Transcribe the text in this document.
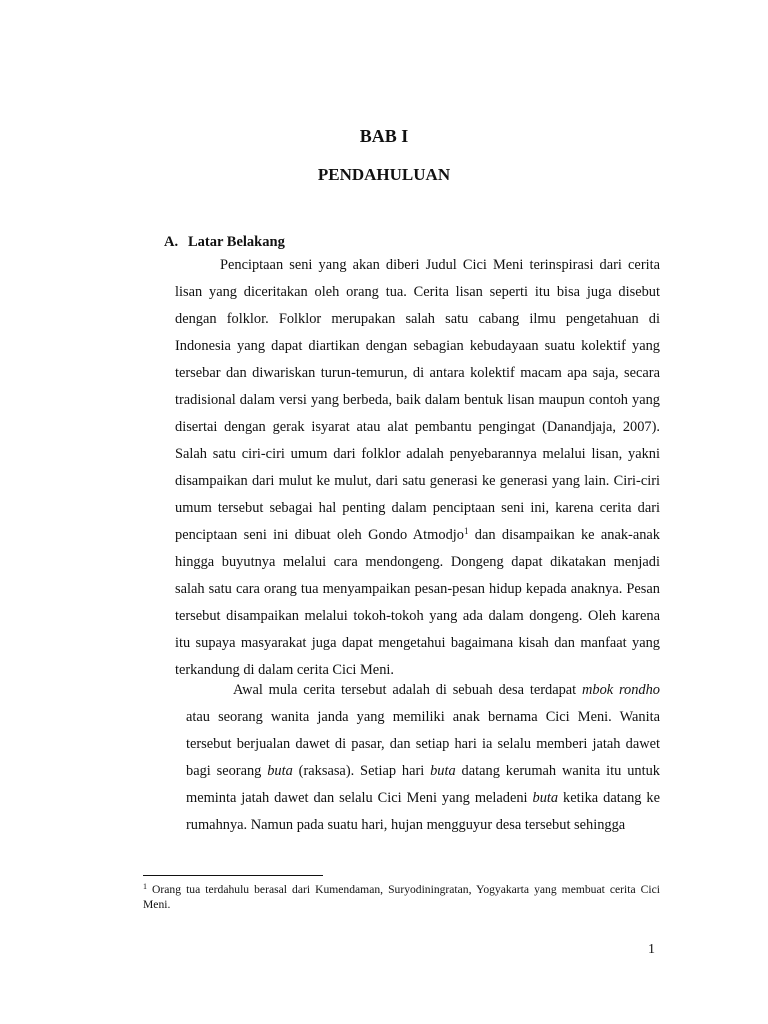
BAB I
PENDAHULUAN
A. Latar Belakang

Penciptaan seni yang akan diberi Judul Cici Meni terinspirasi dari cerita lisan yang diceritakan oleh orang tua. Cerita lisan seperti itu bisa juga disebut dengan folklor. Folklor merupakan salah satu cabang ilmu pengetahuan di Indonesia yang dapat diartikan dengan sebagian kebudayaan suatu kolektif yang tersebar dan diwariskan turun-temurun, di antara kolektif macam apa saja, secara tradisional dalam versi yang berbeda, baik dalam bentuk lisan maupun contoh yang disertai dengan gerak isyarat atau alat pembantu pengingat (Danandjaja, 2007). Salah satu ciri-ciri umum dari folklor adalah penyebarannya melalui lisan, yakni disampaikan dari mulut ke mulut, dari satu generasi ke generasi yang lain. Ciri-ciri umum tersebut sebagai hal penting dalam penciptaan seni ini, karena cerita dari penciptaan seni ini dibuat oleh Gondo Atmodjo$^1$ dan disampaikan ke anak-anak hingga buyutnya melalui cara mendongeng. Dongeng dapat dikatakan menjadi salah satu cara orang tua menyampaikan pesan-pesan hidup kepada anaknya. Pesan tersebut disampaikan melalui tokoh-tokoh yang ada dalam dongeng. Oleh karena itu supaya masyarakat juga dapat mengetahui bagaimana kisah dan manfaat yang terkandung di dalam cerita Cici Meni.

Awal mula cerita tersebut adalah di sebuah desa terdapat mbok rondho atau seorang wanita janda yang memiliki anak bernama Cici Meni. Wanita tersebut berjualan dawet di pasar, dan setiap hari ia selalu memberi jatah dawet bagi seorang buta (raksasa). Setiap hari buta datang kerumah wanita itu untuk meminta jatah dawet dan selalu Cici Meni yang meladeni buta ketika datang ke rumahnya. Namun pada suatu hari, hujan mengguyur desa tersebut sehingga

$^1$ Orang tua terdahulu berasal dari Kumendaman, Suryodiningratan, Yogyakarta yang membuat cerita Cici Meni.

1
